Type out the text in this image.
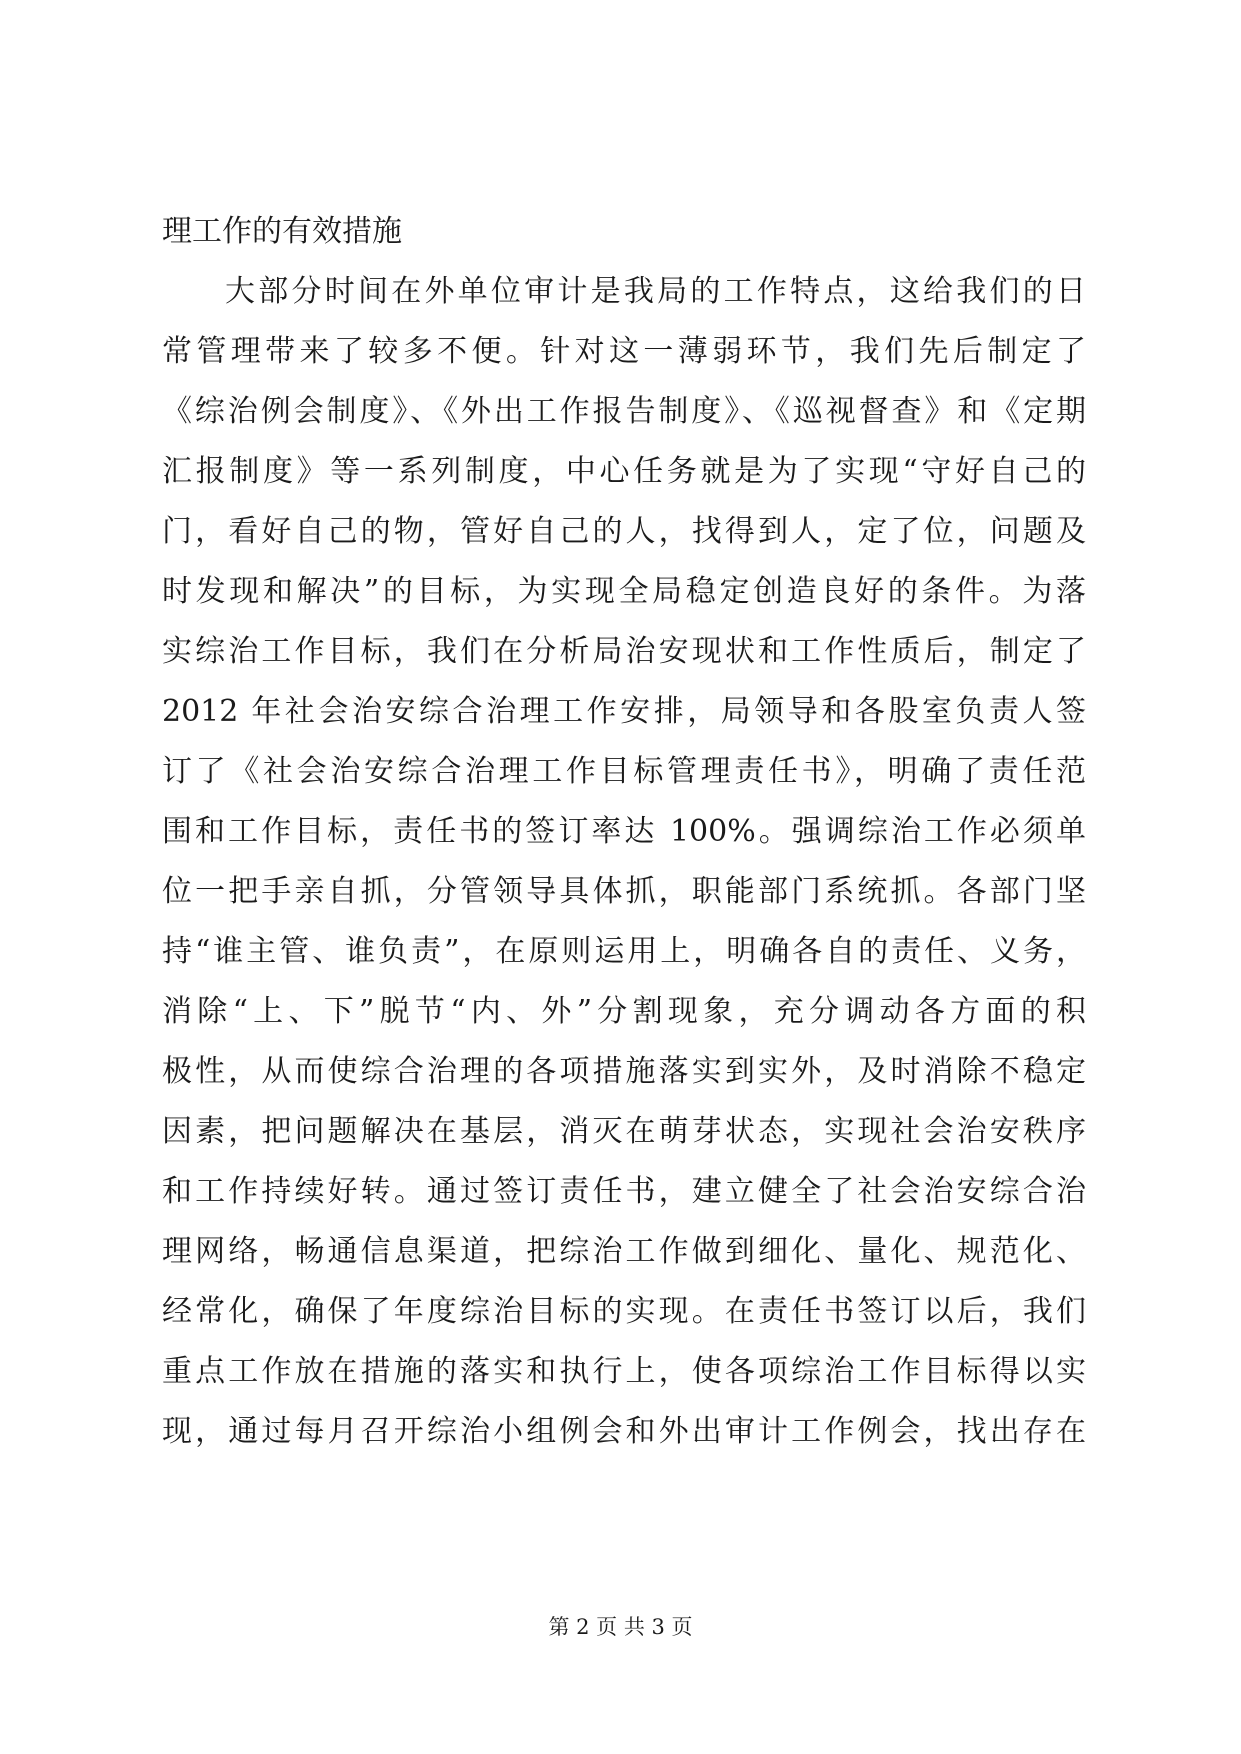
理工作的有效措施
大部分时间在外单位审计是我局的工作特点，这给我们的日
常管理带来了较多不便。针对这一薄弱环节，我们先后制定了
《综治例会制度》、《外出工作报告制度》、《巡视督查》和《定期
汇报制度》等一系列制度，中心任务就是为了实现“守好自己的
门，看好自己的物，管好自己的人，找得到人，定了位，问题及
时发现和解决”的目标，为实现全局稳定创造良好的条件。为落
实综治工作目标，我们在分析局治安现状和工作性质后，制定了
2012 年社会治安综合治理工作安排，局领导和各股室负责人签
订了《社会治安综合治理工作目标管理责任书》，明确了责任范
围和工作目标，责任书的签订率达 100%。强调综治工作必须单
位一把手亲自抓，分管领导具体抓，职能部门系统抓。各部门坚
持“谁主管、谁负责”，在原则运用上，明确各自的责任、义务，
消除“上、下”脱节“内、外”分割现象，充分调动各方面的积
极性，从而使综合治理的各项措施落实到实外，及时消除不稳定
因素，把问题解决在基层，消灭在萌芽状态，实现社会治安秩序
和工作持续好转。通过签订责任书，建立健全了社会治安综合治
理网络，畅通信息渠道，把综治工作做到细化、量化、规范化、
经常化，确保了年度综治目标的实现。在责任书签订以后，我们
重点工作放在措施的落实和执行上，使各项综治工作目标得以实
现，通过每月召开综治小组例会和外出审计工作例会，找出存在
第 2 页 共 3 页
